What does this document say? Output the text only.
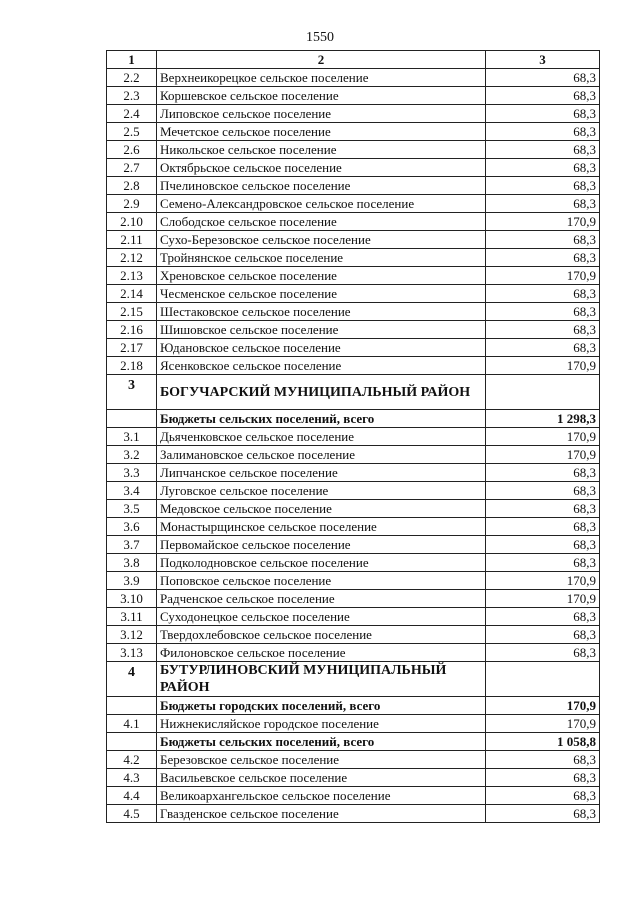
1550
1	2	3
2.2	Верхнеикорецкое сельское поселение	68,3
2.3	Коршевское сельское поселение	68,3
2.4	Липовское сельское поселение	68,3
2.5	Мечетское сельское поселение	68,3
2.6	Никольское сельское поселение	68,3
2.7	Октябрьское сельское поселение	68,3
2.8	Пчелиновское сельское поселение	68,3
2.9	Семено-Александровское сельское поселение	68,3
2.10	Слободское сельское поселение	170,9
2.11	Сухо-Березовское сельское поселение	68,3
2.12	Тройнянское сельское поселение	68,3
2.13	Хреновское сельское поселение	170,9
2.14	Чесменское сельское поселение	68,3
2.15	Шестаковское сельское поселение	68,3
2.16	Шишовское сельское поселение	68,3
2.17	Юдановское сельское поселение	68,3
2.18	Ясенковское сельское поселение	170,9
3	БОГУЧАРСКИЙ МУНИЦИПАЛЬНЫЙ РАЙОН	
	Бюджеты сельских поселений, всего	1 298,3
3.1	Дьяченковское сельское поселение	170,9
3.2	Залимановское сельское поселение	170,9
3.3	Липчанское сельское поселение	68,3
3.4	Луговское сельское поселение	68,3
3.5	Медовское сельское поселение	68,3
3.6	Монастырщинское сельское поселение	68,3
3.7	Первомайское сельское поселение	68,3
3.8	Подколодновское сельское поселение	68,3
3.9	Поповское сельское поселение	170,9
3.10	Радченское сельское поселение	170,9
3.11	Суходонецкое сельское поселение	68,3
3.12	Твердохлебовское сельское поселение	68,3
3.13	Филоновское сельское поселение	68,3
4	БУТУРЛИНОВСКИЙ МУНИЦИПАЛЬНЫЙ РАЙОН	
	Бюджеты городских поселений, всего	170,9
4.1	Нижнекисляйское городское поселение	170,9
	Бюджеты сельских поселений, всего	1 058,8
4.2	Березовское сельское поселение	68,3
4.3	Васильевское сельское поселение	68,3
4.4	Великоархангельское сельское поселение	68,3
4.5	Гвазденское сельское поселение	68,3
